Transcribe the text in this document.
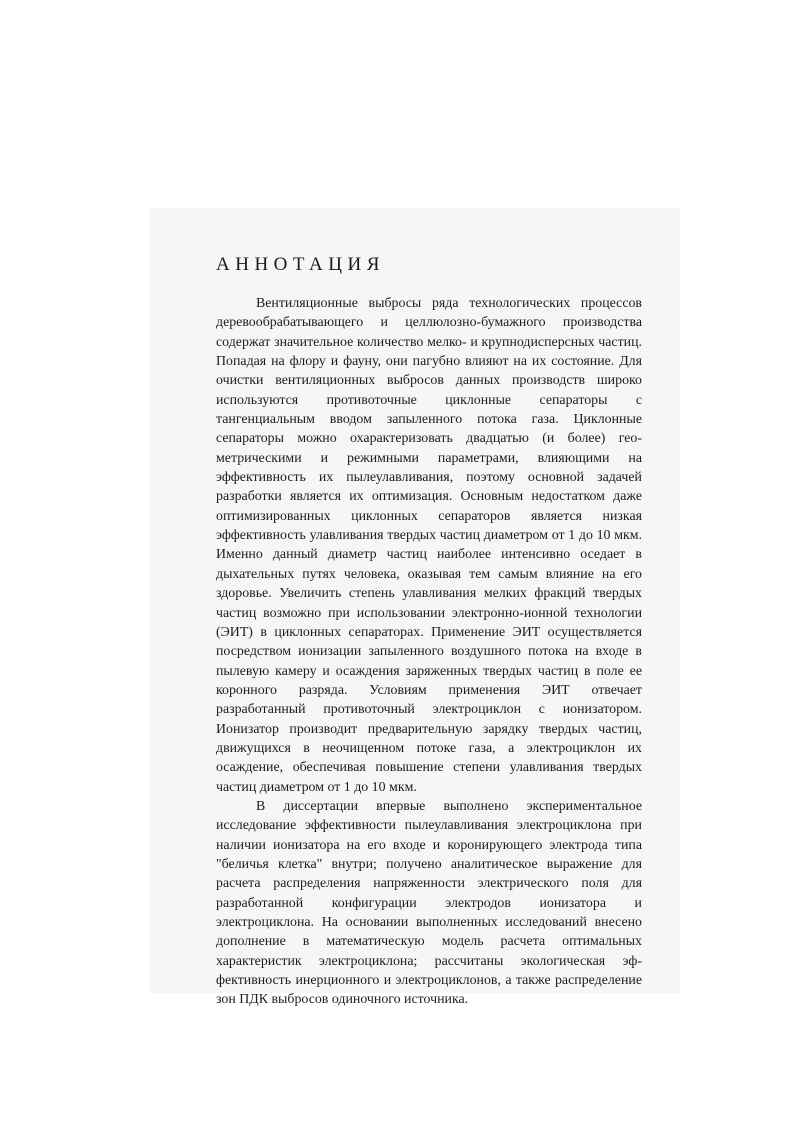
АННОТАЦИЯ

Вентиляционные выбросы ряда технологических процессов деревообрабатывающего и целлюлозно-бумажного производства содержат значительное количество мелко- и крупнодисперсных частиц. Попадая на флору и фауну, они пагубно влияют на их состояние. Для очистки вентиляционных выбросов данных производств широко используются противоточные циклонные сепараторы с тангенциальным вводом запыленного потока газа. Циклонные сепараторы можно охарактеризовать двадцатью (и более) геометрическими и режимными параметрами, влияющими на эффективность их пылеулавливания, поэтому основной задачей разработки является их оптимизация. Основным недостатком даже оптимизированных циклонных сепараторов является низкая эффективность улавливания твердых частиц диаметром от 1 до 10 мкм. Именно данный диаметр частиц наиболее интенсивно оседает в дыхательных путях человека, оказывая тем самым влияние на его здоровье. Увеличить степень улавливания мелких фракций твердых частиц возможно при использовании электронно-ионной технологии (ЭИТ) в циклонных сепараторах. Применение ЭИТ осуществляется посредством ионизации запыленного воздушного потока на входе в пылевую камеру и осаждения заряженных твердых частиц в поле ее коронного разряда. Условиям применения ЭИТ отвечает разработанный противоточный электроциклон с ионизатором. Ионизатор производит предварительную зарядку твердых частиц, движущихся в неочищенном потоке газа, а электроциклон их осаждение, обеспечивая повышение степени улавливания твердых частиц диаметром от 1 до 10 мкм.

В диссертации впервые выполнено экспериментальное исследование эффективности пылеулавливания электроциклона при наличии ионизатора на его входе и коронирующего электрода типа "беличья клетка" внутри; получено аналитическое выражение для расчета распределения напряженности электрического поля для разработанной конфигурации электродов ионизатора и электроциклона. На основании выполненных исследований внесено дополнение в математическую модель расчета оптимальных характеристик электроциклона; рассчитаны экологическая эффективность инерционного и электроциклонов, а также распределение зон ПДК выбросов одиночного источника.
